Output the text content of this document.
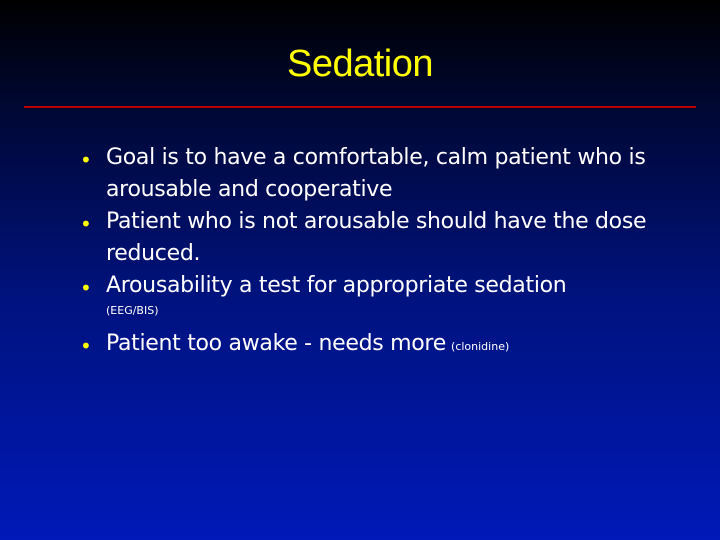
Sedation
• Goal is to have a comfortable, calm patient who is arousable and cooperative
• Patient who is not arousable should have the dose reduced.
• Arousability a test for appropriate sedation
(EEG/BIS)
• Patient too awake - needs more (clonidine)
